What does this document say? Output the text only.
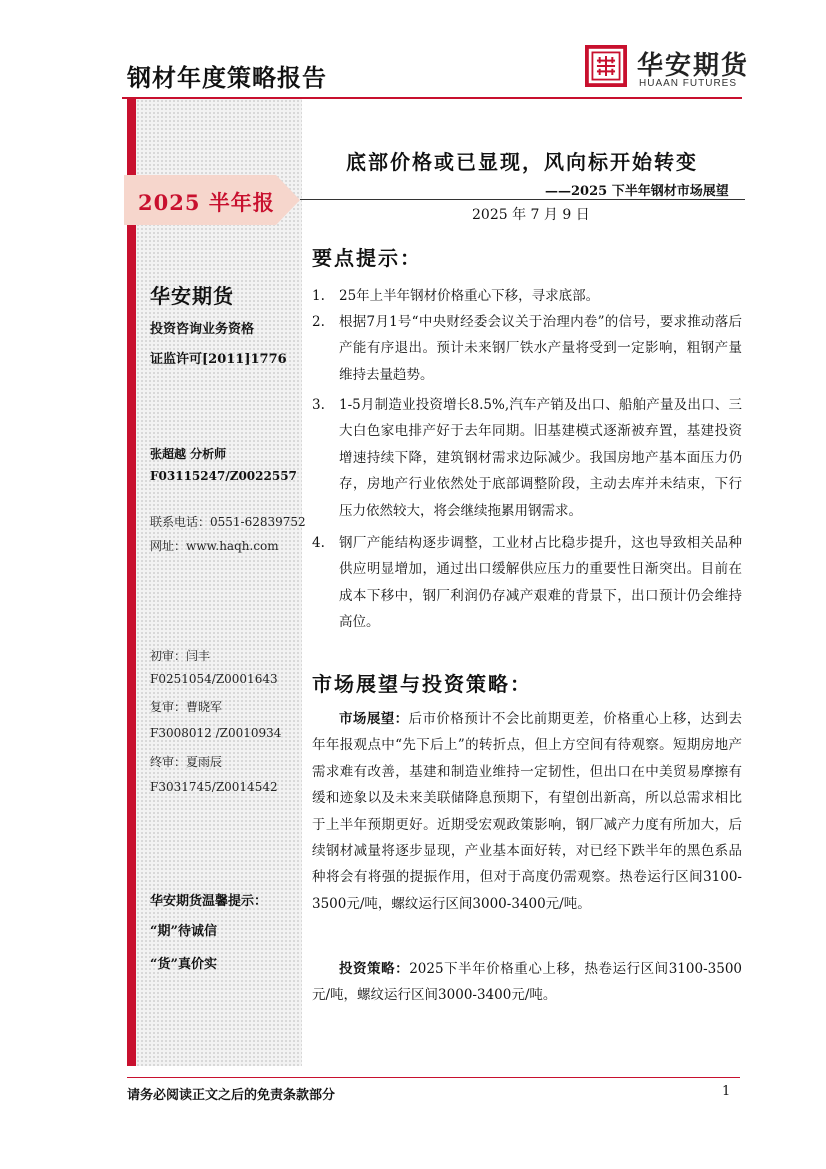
钢材年度策略报告	华安期货
HUAAN FUTURES
2025 半年报
华安期货
投资咨询业务资格
证监许可[2011]1776
张超越 分析师
F03115247/Z0022557
联系电话：0551-62839752
网址：www.haqh.com
初审：闫丰
F0251054/Z0001643
复审：曹晓军
F3008012 /Z0010934
终审：夏雨辰
F3031745/Z0014542
华安期货温馨提示：
“期”待诚信
“货”真价实
底部价格或已显现，风向标开始转变
——2025 下半年钢材市场展望
2025 年 7 月 9 日
要点提示：
1. 25年上半年钢材价格重心下移，寻求底部。
2. 根据7月1号“中央财经委会议关于治理内卷”的信号，要求推动落后产能有序退出。预计未来钢厂铁水产量将受到一定影响，粗钢产量维持去量趋势。
3. 1-5月制造业投资增长8.5%,汽车产销及出口、船舶产量及出口、三大白色家电排产好于去年同期。旧基建模式逐渐被弃置，基建投资增速持续下降，建筑钢材需求边际减少。我国房地产基本面压力仍存，房地产行业依然处于底部调整阶段，主动去库并未结束，下行压力依然较大，将会继续拖累用钢需求。
4. 钢厂产能结构逐步调整，工业材占比稳步提升，这也导致相关品种供应明显增加，通过出口缓解供应压力的重要性日渐突出。目前在成本下移中，钢厂利润仍存减产艰难的背景下，出口预计仍会维持高位。
市场展望与投资策略：
市场展望：后市价格预计不会比前期更差，价格重心上移，达到去年年报观点中“先下后上”的转折点，但上方空间有待观察。短期房地产需求难有改善，基建和制造业维持一定韧性，但出口在中美贸易摩擦有缓和迹象以及未来美联储降息预期下，有望创出新高，所以总需求相比于上半年预期更好。近期受宏观政策影响，钢厂减产力度有所加大，后续钢材减量将逐步显现，产业基本面好转，对已经下跌半年的黑色系品种将会有将强的提振作用，但对于高度仍需观察。热卷运行区间3100-3500元/吨，螺纹运行区间3000-3400元/吨。
投资策略：2025下半年价格重心上移，热卷运行区间3100-3500元/吨，螺纹运行区间3000-3400元/吨。
请务必阅读正文之后的免责条款部分	1
